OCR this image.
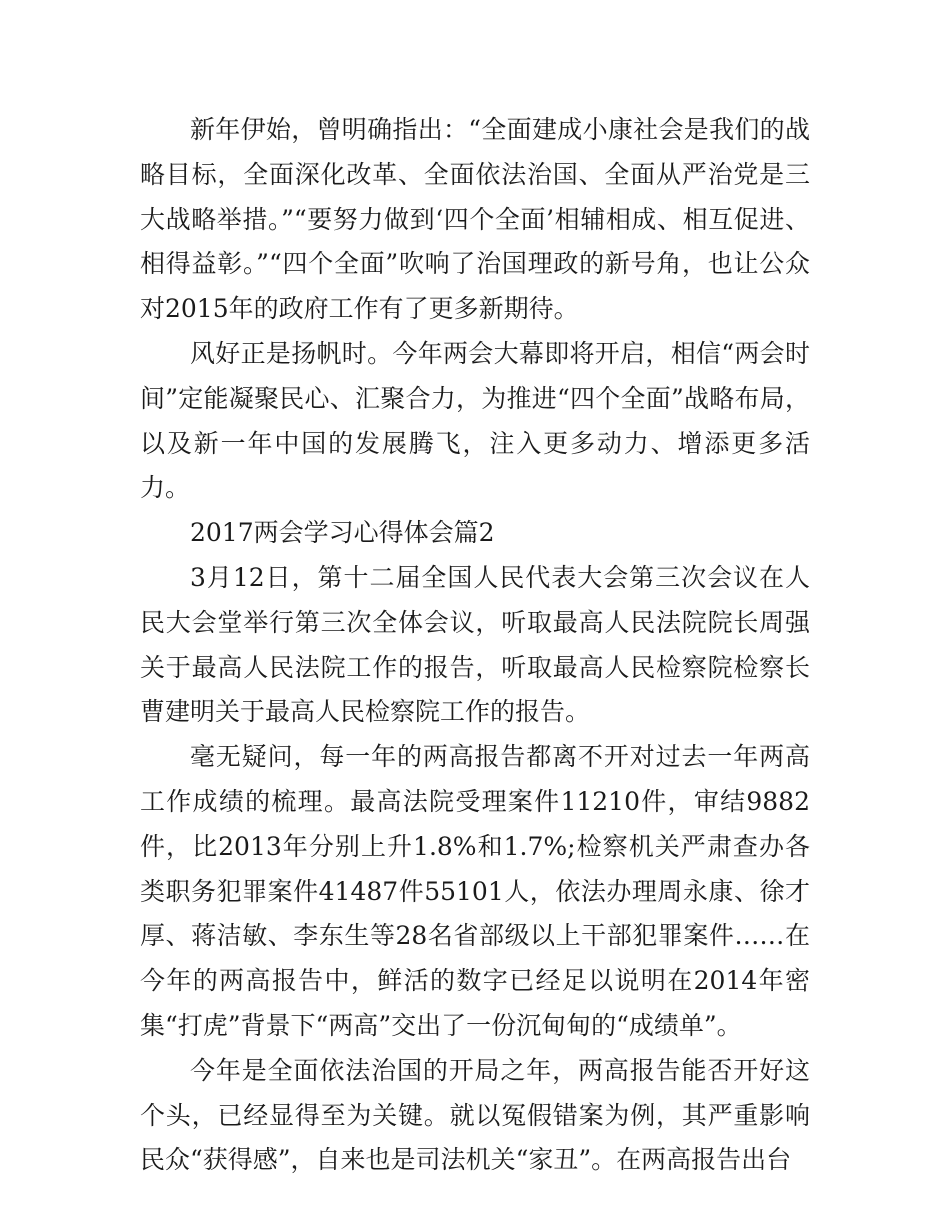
新年伊始，曾明确指出：“全面建成小康社会是我们的战略目标，全面深化改革、全面依法治国、全面从严治党是三大战略举措。”“要努力做到‘四个全面’相辅相成、相互促进、相得益彰。”“四个全面”吹响了治国理政的新号角，也让公众对2015年的政府工作有了更多新期待。

风好正是扬帆时。今年两会大幕即将开启，相信“两会时间”定能凝聚民心、汇聚合力，为推进“四个全面”战略布局，以及新一年中国的发展腾飞，注入更多动力、增添更多活力。

2017两会学习心得体会篇2

3月12日，第十二届全国人民代表大会第三次会议在人民大会堂举行第三次全体会议，听取最高人民法院院长周强关于最高人民法院工作的报告，听取最高人民检察院检察长曹建明关于最高人民检察院工作的报告。

毫无疑问，每一年的两高报告都离不开对过去一年两高工作成绩的梳理。最高法院受理案件11210件，审结9882件，比2013年分别上升1.8%和1.7%;检察机关严肃查办各类职务犯罪案件41487件55101人，依法办理周永康、徐才厚、蒋洁敏、李东生等28名省部级以上干部犯罪案件……在今年的两高报告中，鲜活的数字已经足以说明在2014年密集“打虎”背景下“两高”交出了一份沉甸甸的“成绩单”。

今年是全面依法治国的开局之年，两高报告能否开好这个头，已经显得至为关键。就以冤假错案为例，其严重影响民众“获得感”，自来也是司法机关“家丑”。在两高报告出台
